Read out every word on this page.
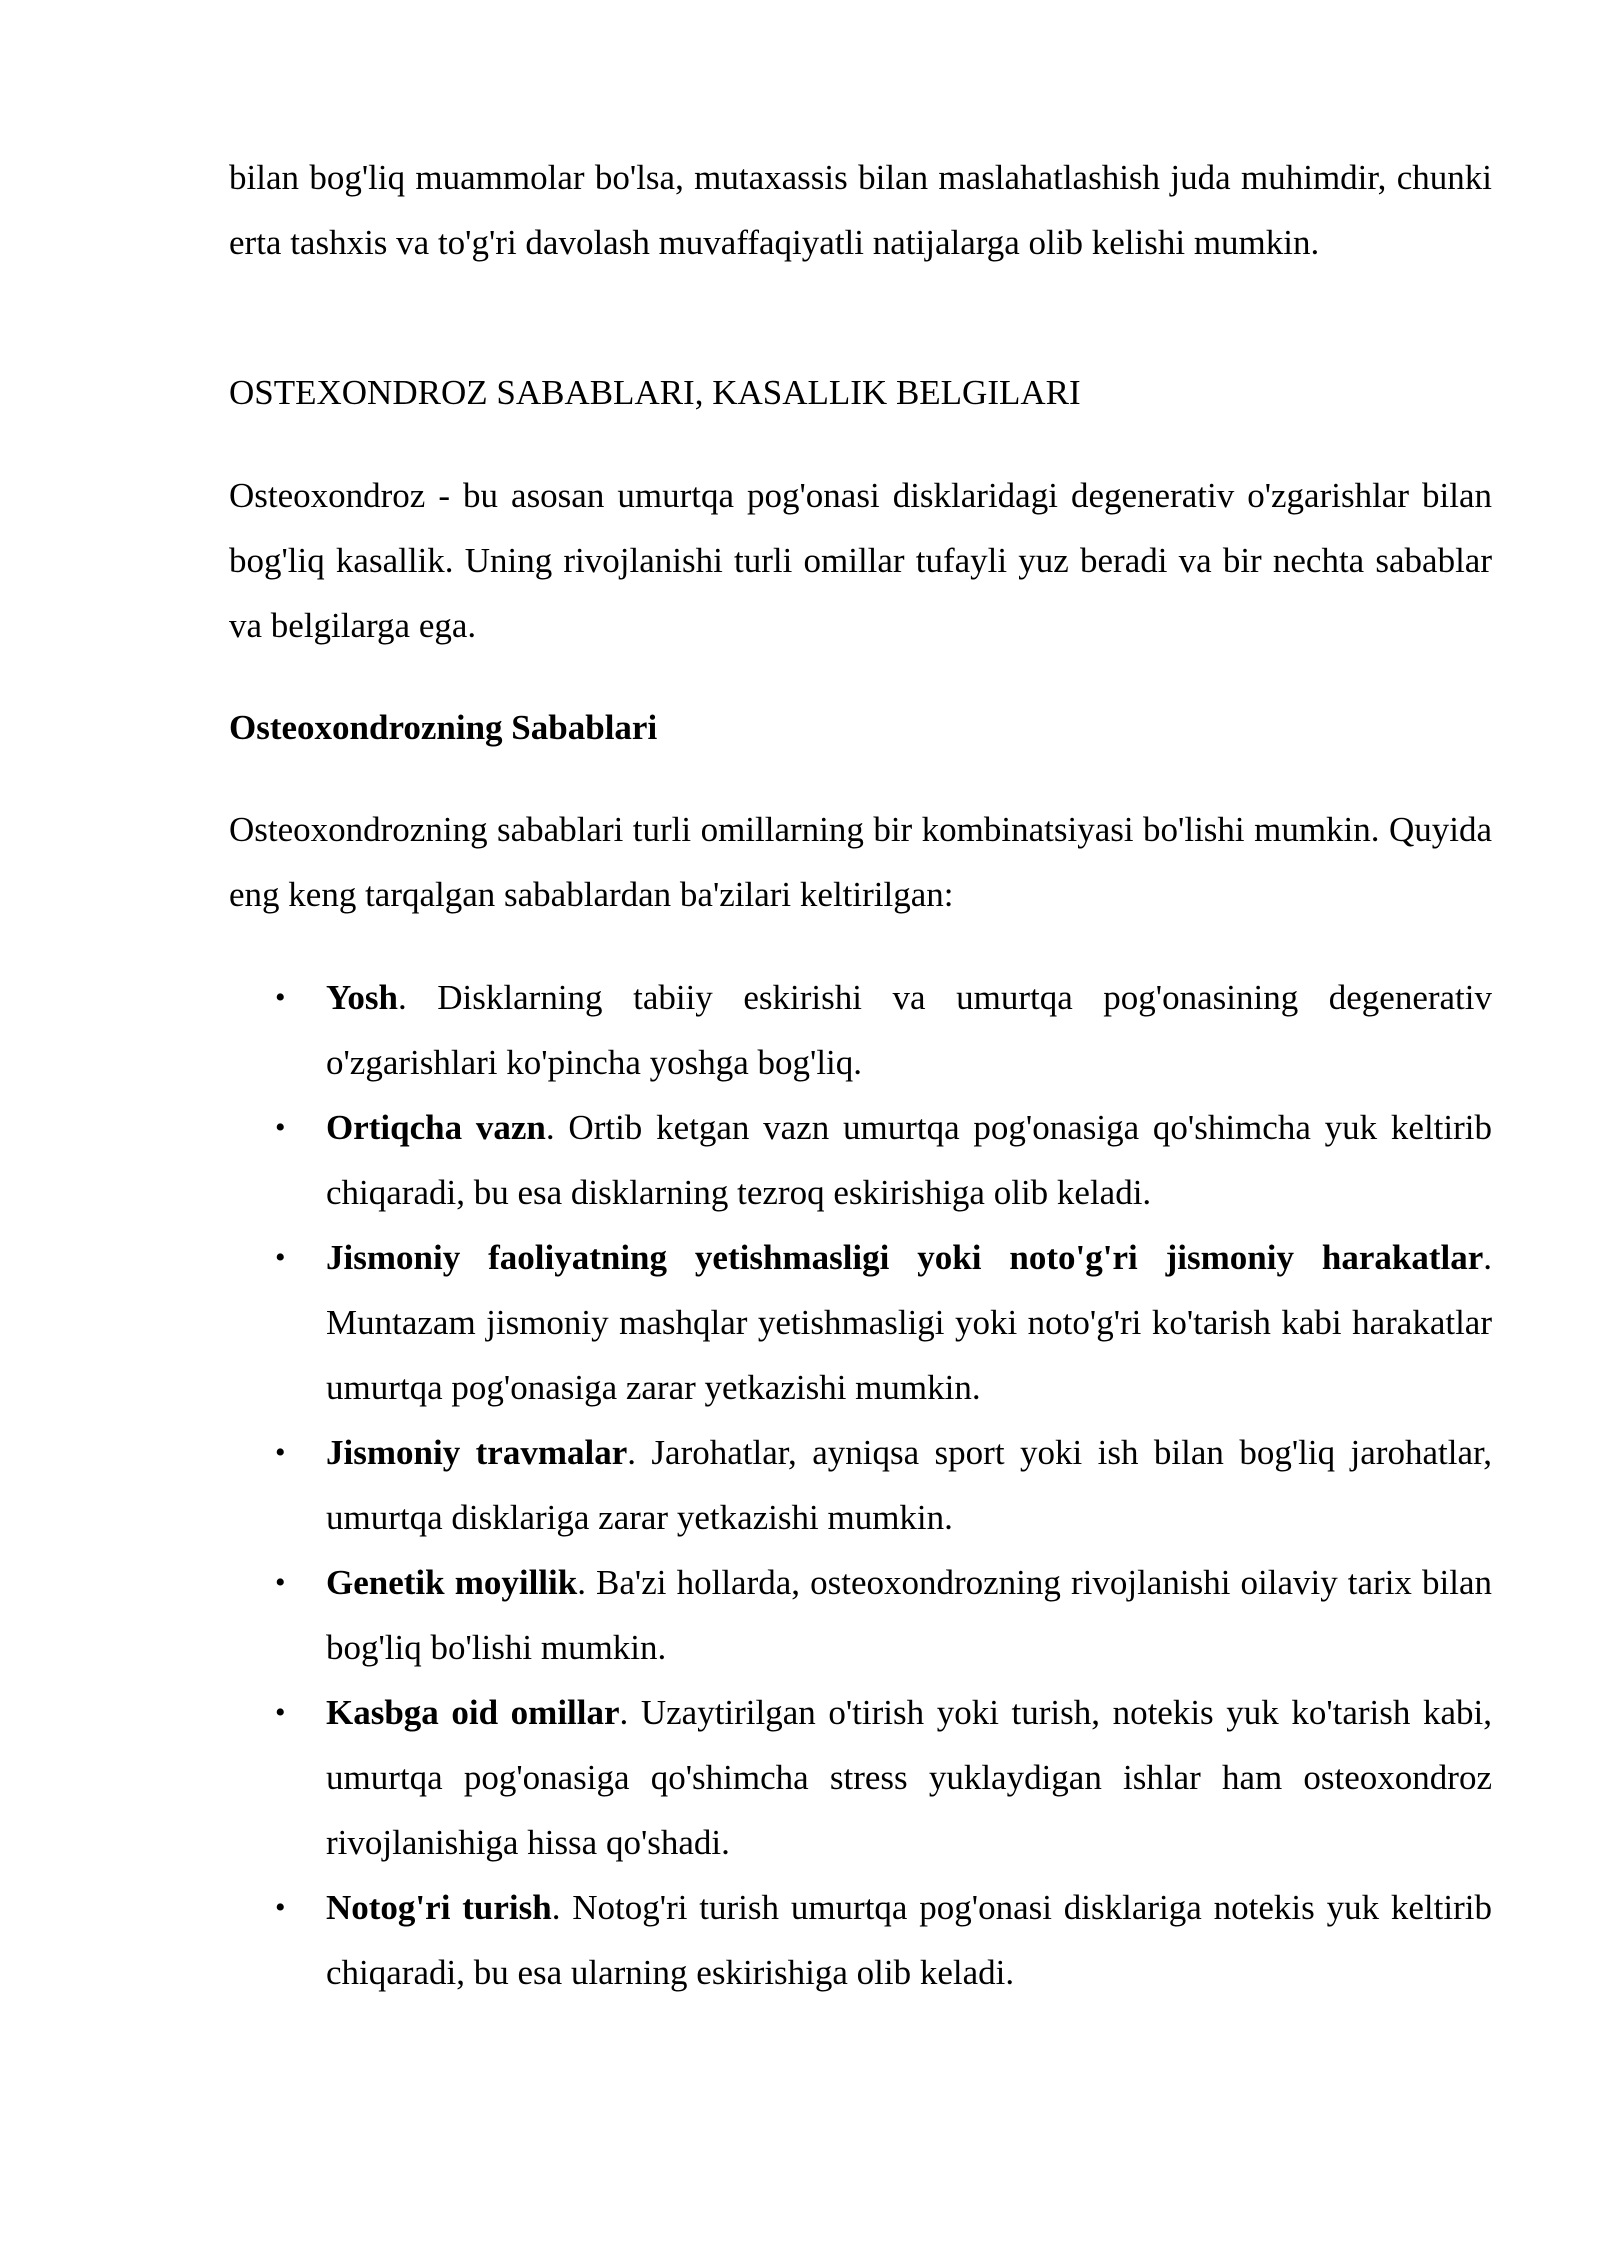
bilan bog'liq muammolar bo'lsa, mutaxassis bilan maslahatlashish juda muhimdir, chunki erta tashxis va to'g'ri davolash muvaffaqiyatli natijalarga olib kelishi mumkin.

OSTEXONDROZ SABABLARI, KASALLIK BELGILARI

Osteoxondroz - bu asosan umurtqa pog'onasi disklaridagi degenerativ o'zgarishlar bilan bog'liq kasallik. Uning rivojlanishi turli omillar tufayli yuz beradi va bir nechta sabablar va belgilarga ega.

Osteoxondrozning Sabablari

Osteoxondrozning sabablari turli omillarning bir kombinatsiyasi bo'lishi mumkin. Quyida eng keng tarqalgan sabablardan ba'zilari keltirilgan:

• Yosh. Disklarning tabiiy eskirishi va umurtqa pog'onasining degenerativ o'zgarishlari ko'pincha yoshga bog'liq.
• Ortiqcha vazn. Ortib ketgan vazn umurtqa pog'onasiga qo'shimcha yuk keltirib chiqaradi, bu esa disklarning tezroq eskirishiga olib keladi.
• Jismoniy faoliyatning yetishmasligi yoki noto'g'ri jismoniy harakatlar. Muntazam jismoniy mashqlar yetishmasligi yoki noto'g'ri ko'tarish kabi harakatlar umurtqa pog'onasiga zarar yetkazishi mumkin.
• Jismoniy travmalar. Jarohatlar, ayniqsa sport yoki ish bilan bog'liq jarohatlar, umurtqa disklariga zarar yetkazishi mumkin.
• Genetik moyillik. Ba'zi hollarda, osteoxondrozning rivojlanishi oilaviy tarix bilan bog'liq bo'lishi mumkin.
• Kasbga oid omillar. Uzaytirilgan o'tirish yoki turish, notekis yuk ko'tarish kabi, umurtqa pog'onasiga qo'shimcha stress yuklaydigan ishlar ham osteoxondroz rivojlanishiga hissa qo'shadi.
• Notog'ri turish. Notog'ri turish umurtqa pog'onasi disklariga notekis yuk keltirib chiqaradi, bu esa ularning eskirishiga olib keladi.
